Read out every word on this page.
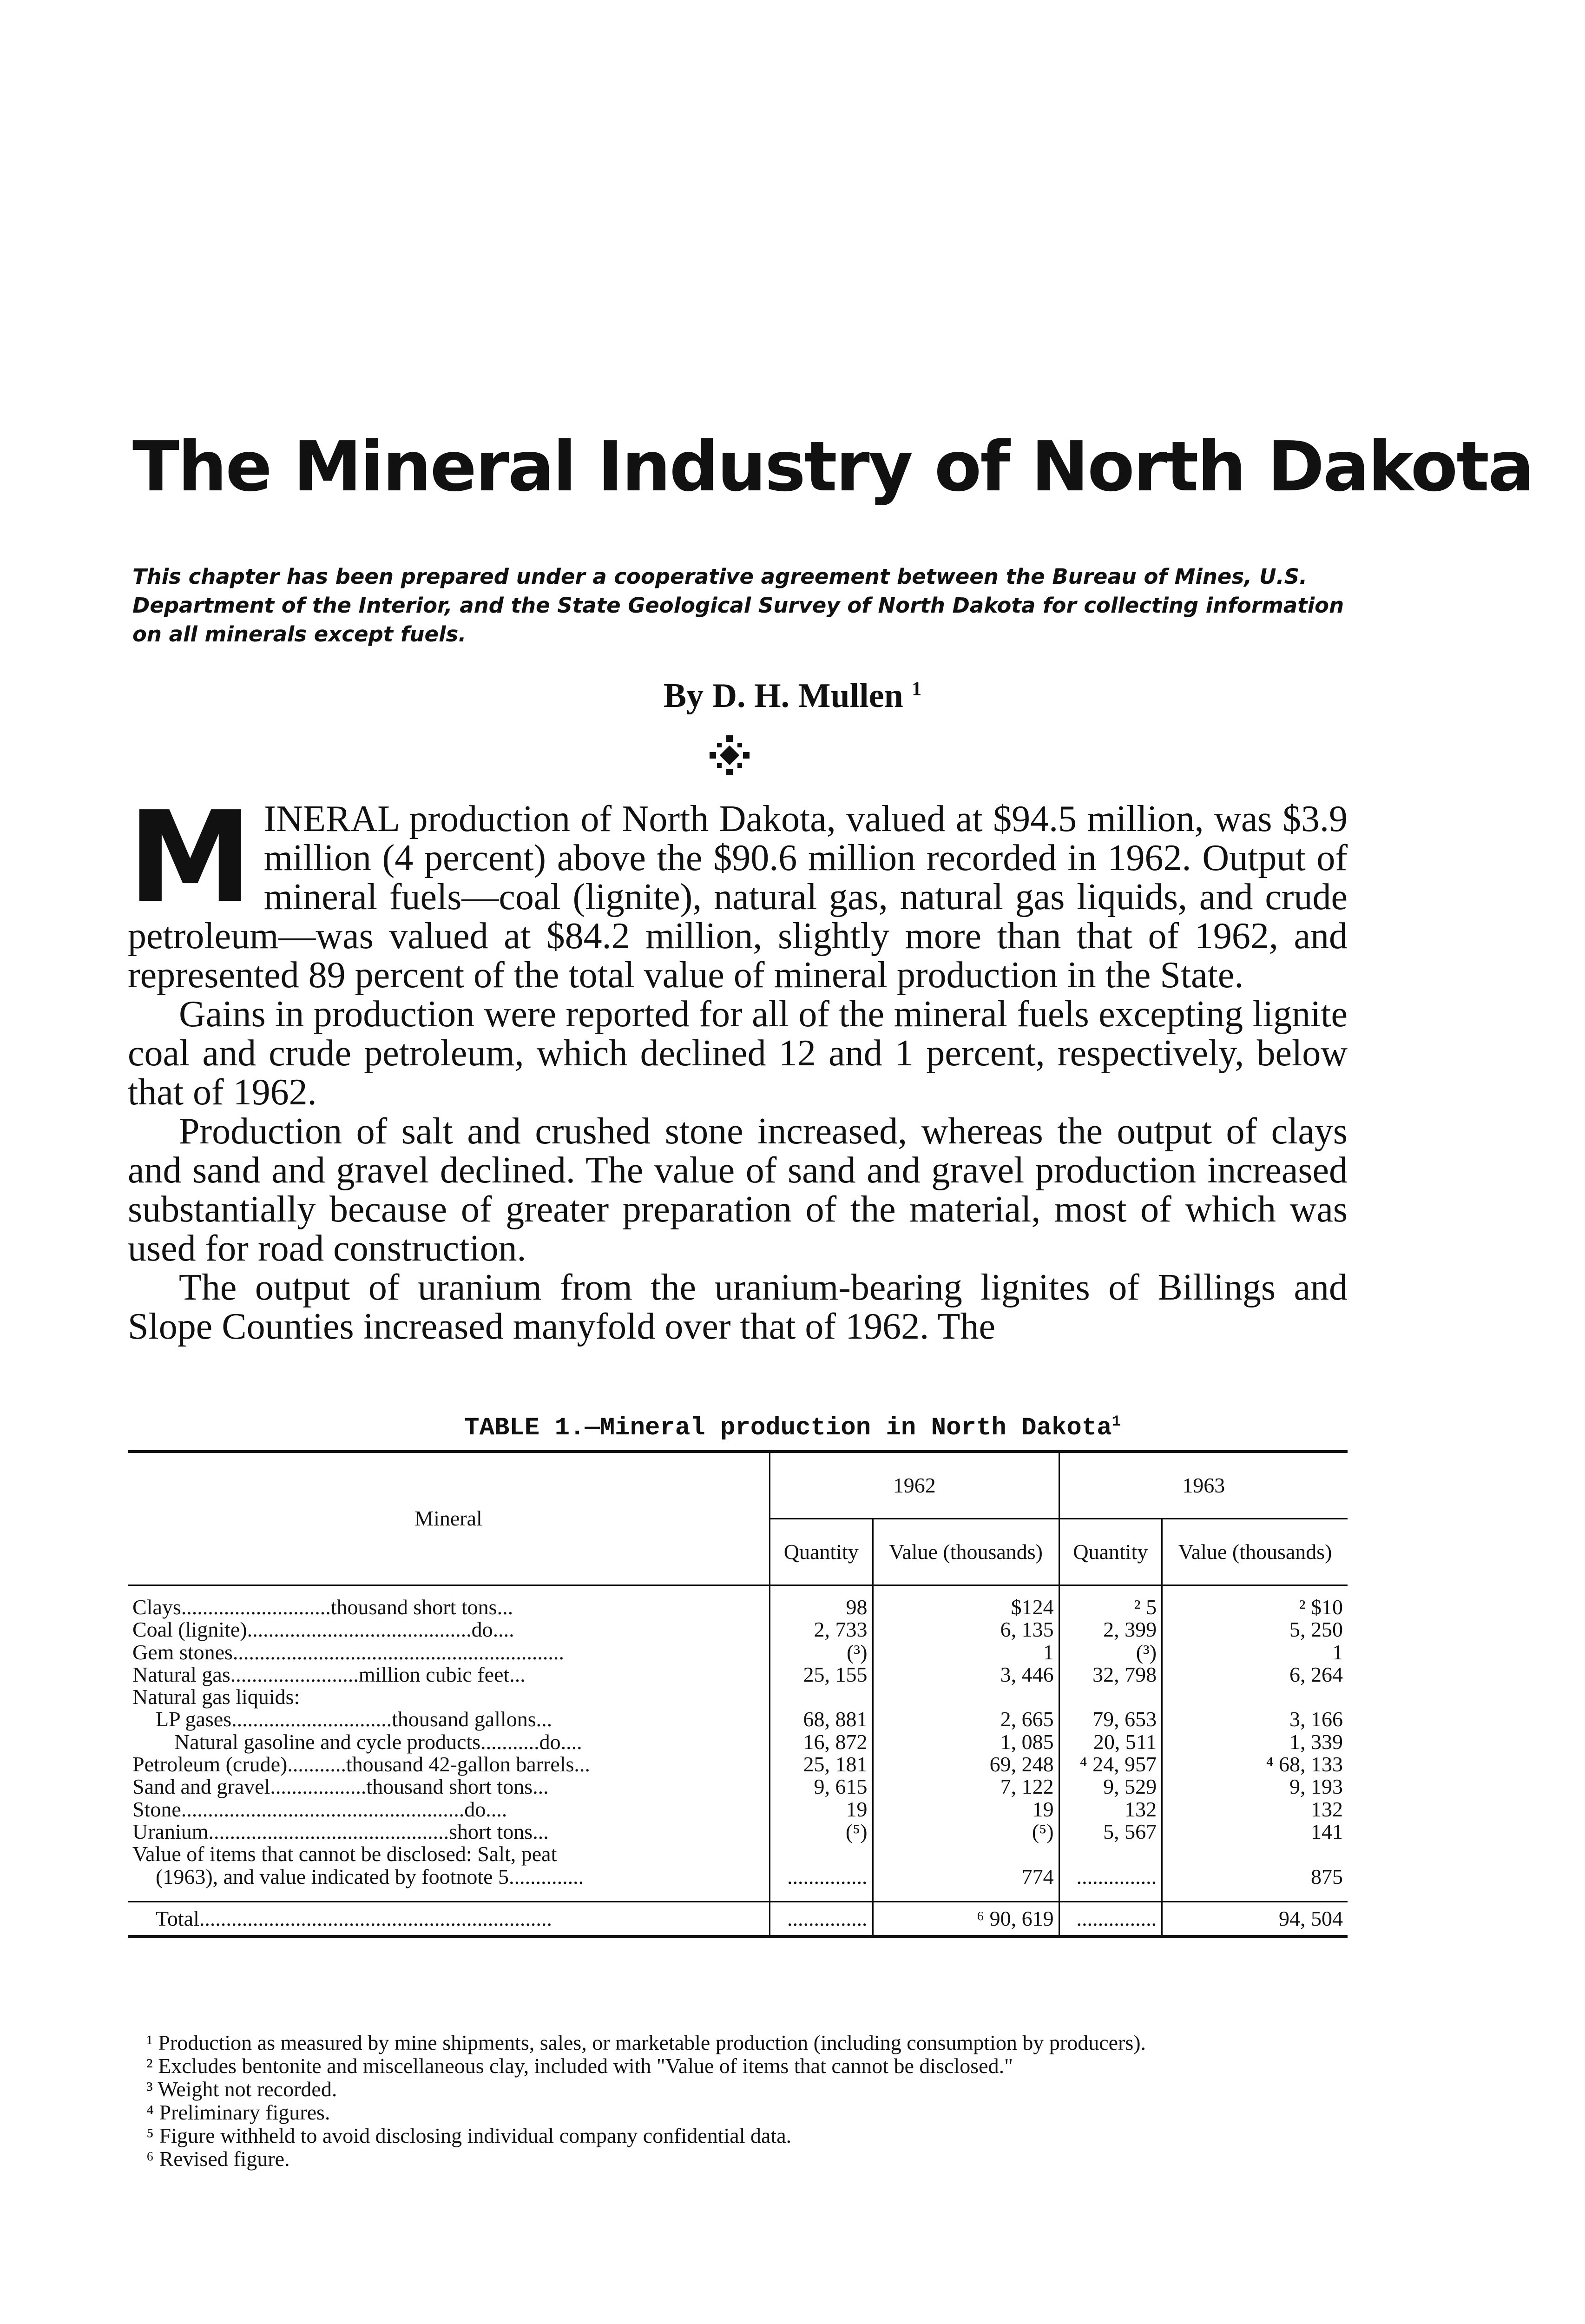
The Mineral Industry of North Dakota
This chapter has been prepared under a cooperative agreement between the Bureau of Mines, U.S. Department of the Interior, and the State Geological Survey of North Dakota for collecting information on all minerals except fuels.
By D. H. Mullen $^1$

MINERAL production of North Dakota, valued at $94.5 million, was $3.9 million (4 percent) above the $90.6 million recorded in 1962. Output of mineral fuels—coal (lignite), natural gas, natural gas liquids, and crude petroleum—was valued at $84.2 million, slightly more than that of 1962, and represented 89 percent of the total value of mineral production in the State.

Gains in production were reported for all of the mineral fuels excepting lignite coal and crude petroleum, which declined 12 and 1 percent, respectively, below that of 1962.

Production of salt and crushed stone increased, whereas the output of clays and sand and gravel declined. The value of sand and gravel production increased substantially because of greater preparation of the material, most of which was used for road construction.

The output of uranium from the uranium-bearing lignites of Billings and Slope Counties increased manyfold over that of 1962. The

TABLE 1.—Mineral production in North Dakota$^1$
Mineral	1962		1963	
	Quantity	Value (thousands)	Quantity	Value (thousands)

Clays............................thousand short tons...	98	$124	² 5	² $10
Coal (lignite)..........................................do....	2, 733	6, 135	2, 399	5, 250
Gem stones..............................................................	(³)	1	(³)	1
Natural gas........................million cubic feet...	25, 155	3, 446	32, 798	6, 264
Natural gas liquids:				
LP gases..............................thousand gallons...	68, 881	2, 665	79, 653	3, 166
Natural gasoline and cycle products...........do....	16, 872	1, 085	20, 511	1, 339
Petroleum (crude)...........thousand 42-gallon barrels...	25, 181	69, 248	⁴ 24, 957	⁴ 68, 133
Sand and gravel..................thousand short tons...	9, 615	7, 122	9, 529	9, 193
Stone.....................................................do....	19	19	132	132
Uranium.............................................short tons...	(⁵)	(⁵)	5, 567	141
Value of items that cannot be disclosed: Salt, peat				
(1963), and value indicated by footnote 5..............	...............	774	...............	875

Total..................................................................	...............	⁶ 90, 619	...............	94, 504

¹ Production as measured by mine shipments, sales, or marketable production (including consumption by producers).

² Excludes bentonite and miscellaneous clay, included with "Value of items that cannot be disclosed."

³ Weight not recorded.

⁴ Preliminary figures.

⁵ Figure withheld to avoid disclosing individual company confidential data.

⁶ Revised figure.
